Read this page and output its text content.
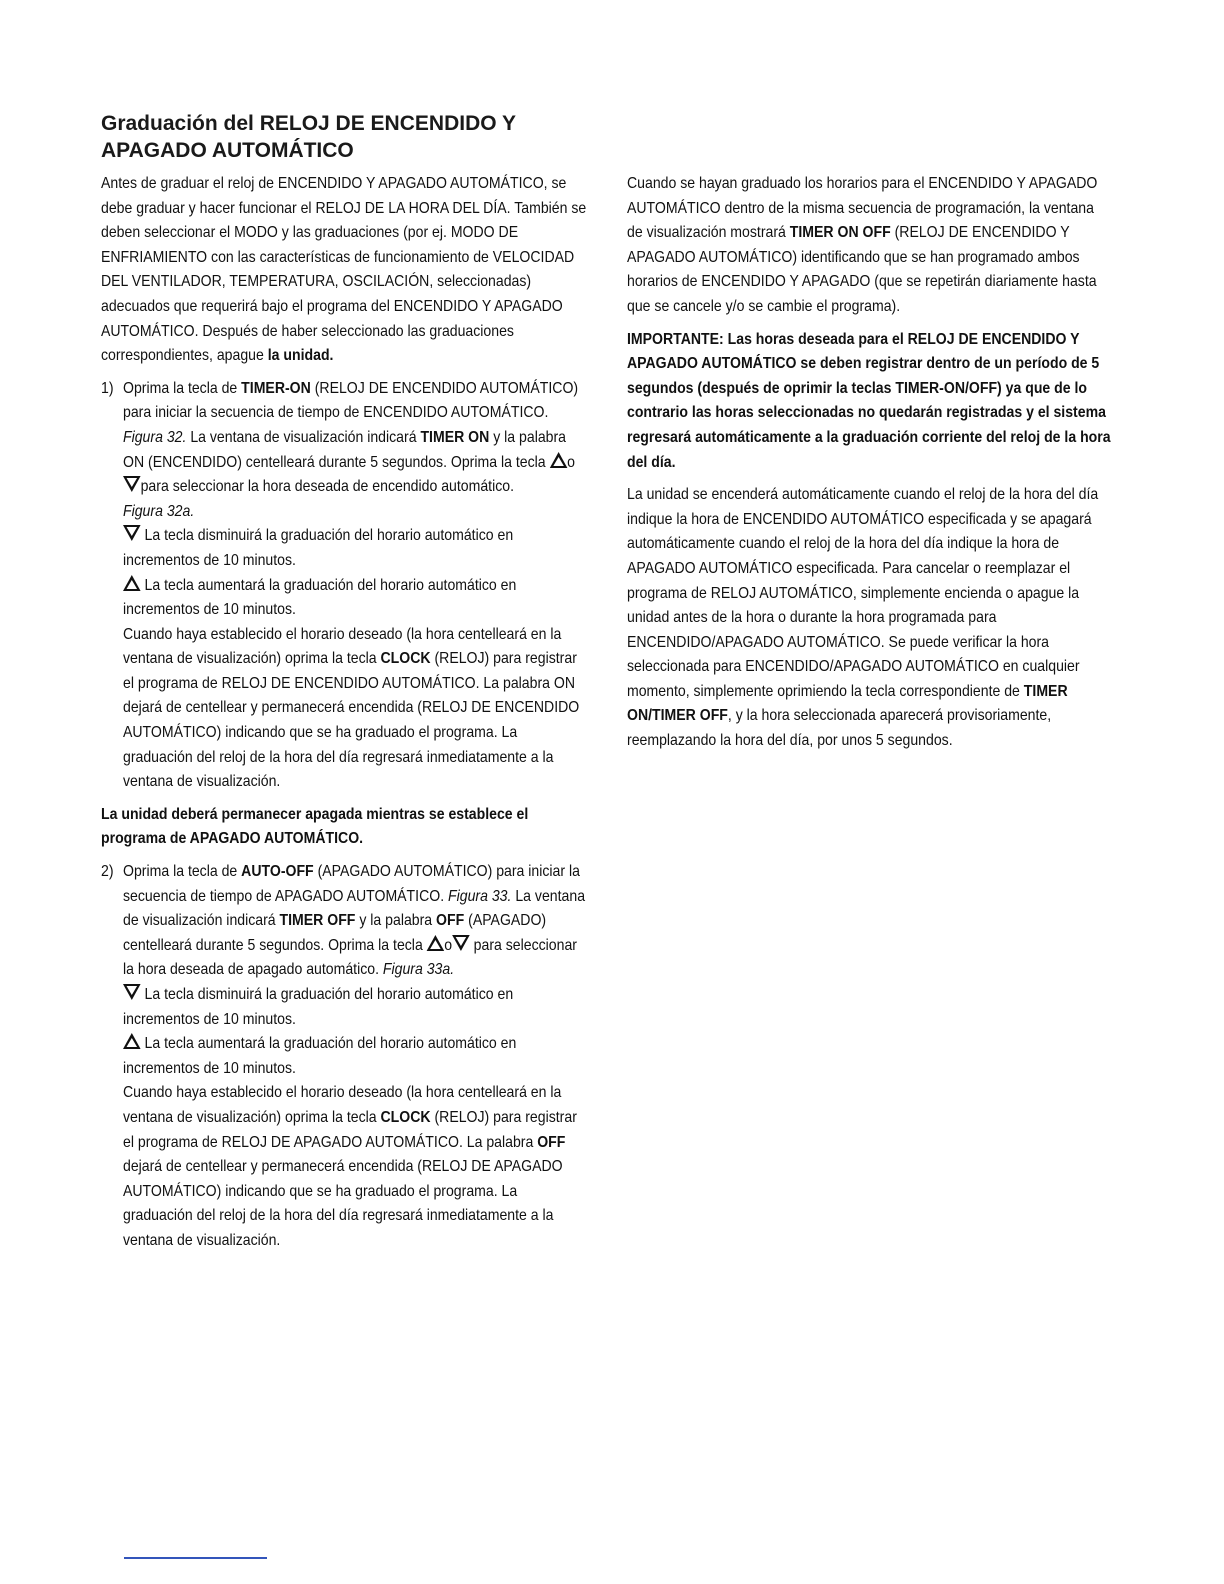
Graduación del RELOJ DE ENCENDIDO Y APAGADO AUTOMÁTICO

Antes de graduar el reloj de ENCENDIDO Y APAGADO AUTOMÁTICO, se debe graduar y hacer funcionar el RELOJ DE LA HORA DEL DÍA. También se deben seleccionar el MODO y las graduaciones (por ej. MODO DE ENFRIAMIENTO con las características de funcionamiento de VELOCIDAD DEL VENTILADOR, TEMPERATURA, OSCILACIÓN, seleccionadas) adecuados que requerirá bajo el programa del ENCENDIDO Y APAGADO AUTOMÁTICO. Después de haber seleccionado las graduaciones correspondientes, apague la unidad.

1) Oprima la tecla de TIMER-ON (RELOJ DE ENCENDIDO AUTOMÁTICO) para iniciar la secuencia de tiempo de ENCENDIDO AUTOMÁTICO. Figura 32. La ventana de visualización indicará TIMER ON y la palabra ON (ENCENDIDO) centelleará durante 5 segundos. Oprima la tecla opara seleccionar la hora deseada de encendido automático.
Figura 32a.

La tecla disminuirá la graduación del horario automático en incrementos de 10 minutos.

La tecla aumentará la graduación del horario automático en incrementos de 10 minutos.

Cuando haya establecido el horario deseado (la hora centelleará en la ventana de visualización) oprima la tecla CLOCK (RELOJ) para registrar el programa de RELOJ DE ENCENDIDO AUTOMÁTICO. La palabra ON dejará de centellear y permanecerá encendida (RELOJ DE ENCENDIDO AUTOMÁTICO) indicando que se ha graduado el programa. La graduación del reloj de la hora del día regresará inmediatamente a la ventana de visualización.

La unidad deberá permanecer apagada mientras se establece el programa de APAGADO AUTOMÁTICO.

2) Oprima la tecla de AUTO-OFF (APAGADO AUTOMÁTICO) para iniciar la secuencia de tiempo de APAGADO AUTOMÁTICO. Figura 33. La ventana de visualización indicará TIMER OFF y la palabra OFF (APAGADO) centelleará durante 5 segundos. Oprima la tecla o para seleccionar la hora deseada de apagado automático. Figura 33a.

La tecla disminuirá la graduación del horario automático en incrementos de 10 minutos.

La tecla aumentará la graduación del horario automático en incrementos de 10 minutos.

Cuando haya establecido el horario deseado (la hora centelleará en la ventana de visualización) oprima la tecla CLOCK (RELOJ) para registrar el programa de RELOJ DE APAGADO AUTOMÁTICO. La palabra OFF dejará de centellear y permanecerá encendida (RELOJ DE APAGADO AUTOMÁTICO) indicando que se ha graduado el programa. La graduación del reloj de la hora del día regresará inmediatamente a la ventana de visualización.

Cuando se hayan graduado los horarios para el ENCENDIDO Y APAGADO AUTOMÁTICO dentro de la misma secuencia de programación, la ventana de visualización mostrará TIMER ON OFF (RELOJ DE ENCENDIDO Y APAGADO AUTOMÁTICO) identificando que se han programado ambos horarios de ENCENDIDO Y APAGADO (que se repetirán diariamente hasta que se cancele y/o se cambie el programa).

IMPORTANTE: Las horas deseada para el RELOJ DE ENCENDIDO Y APAGADO AUTOMÁTICO se deben registrar dentro de un período de 5 segundos (después de oprimir la teclas TIMER-ON/OFF) ya que de lo contrario las horas seleccionadas no quedarán registradas y el sistema regresará automáticamente a la graduación corriente del reloj de la hora del día.

La unidad se encenderá automáticamente cuando el reloj de la hora del día indique la hora de ENCENDIDO AUTOMÁTICO especificada y se apagará automáticamente cuando el reloj de la hora del día indique la hora de APAGADO AUTOMÁTICO especificada. Para cancelar o reemplazar el programa de RELOJ AUTOMÁTICO, simplemente encienda o apague la unidad antes de la hora o durante la hora programada para ENCENDIDO/APAGADO AUTOMÁTICO. Se puede verificar la hora seleccionada para ENCENDIDO/APAGADO AUTOMÁTICO en cualquier momento, simplemente oprimiendo la tecla correspondiente de TIMER ON/TIMER OFF, y la hora seleccionada aparecerá provisoriamente, reemplazando la hora del día, por unos 5 segundos.
